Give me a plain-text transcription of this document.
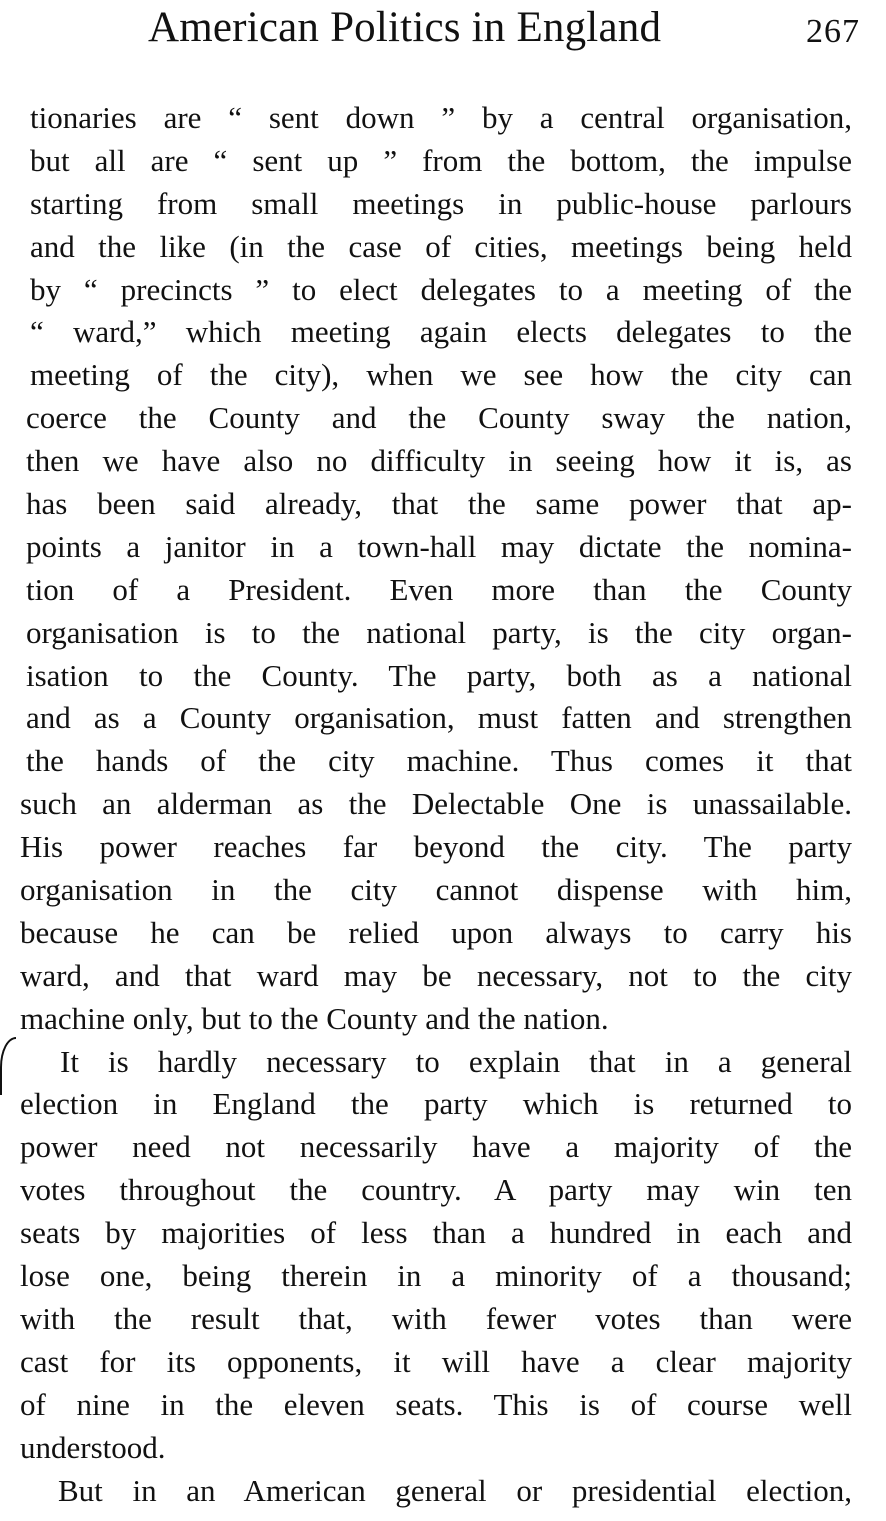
American Politics in England	267
tionaries are “ sent down ” by a central organisation,
but all are “ sent up ” from the bottom, the impulse
starting from small meetings in public-house parlours
and the like (in the case of cities, meetings being held
by “ precincts ” to elect delegates to a meeting of the
“ ward,” which meeting again elects delegates to the
meeting of the city), when we see how the city can
coerce the County and the County sway the nation,
then we have also no difficulty in seeing how it is, as
has been said already, that the same power that ap-
points a janitor in a town-hall may dictate the nomina-
tion of a President. Even more than the County
organisation is to the national party, is the city organ-
isation to the County. The party, both as a national
and as a County organisation, must fatten and strengthen
the hands of the city machine. Thus comes it that
such an alderman as the Delectable One is unassailable.
His power reaches far beyond the city. The party
organisation in the city cannot dispense with him,
because he can be relied upon always to carry his
ward, and that ward may be necessary, not to the city
machine only, but to the County and the nation.
It is hardly necessary to explain that in a general
election in England the party which is returned to
power need not necessarily have a majority of the
votes throughout the country. A party may win ten
seats by majorities of less than a hundred in each and
lose one, being therein in a minority of a thousand;
with the result that, with fewer votes than were
cast for its opponents, it will have a clear majority
of nine in the eleven seats. This is of course well
understood.
But in an American general or presidential election,
